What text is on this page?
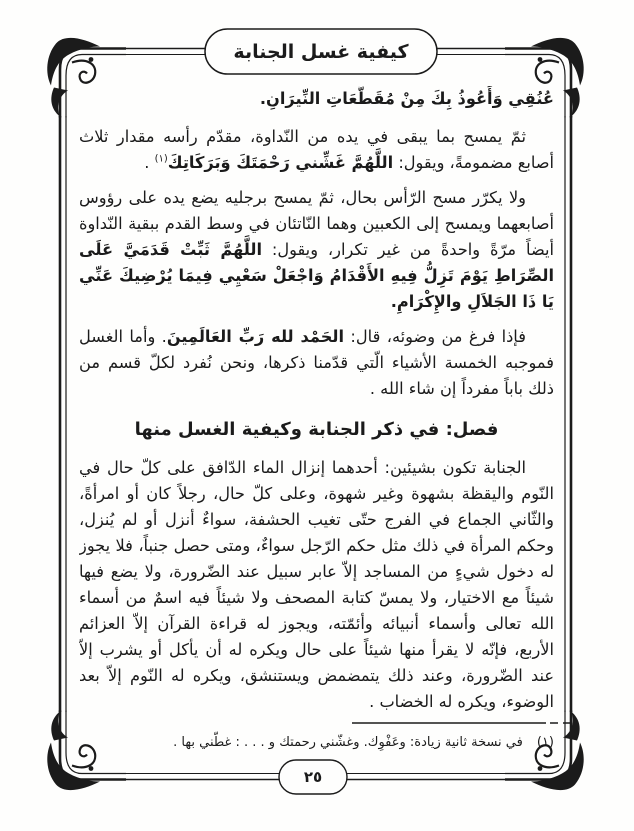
كيفية غسل الجنابة

عُنُقِي وَأَعُوذُ بِكَ مِنْ مُقَطَّعَاتِ النِّيرَانِ.

ثمّ يمسح بما يبقى في يده من النّداوة، مقدّم رأسه مقدار ثلاث أصابع مضمومةً، ويقول: اللَّهُمَّ غَشِّني رَحْمَتَكَ وَبَرَكَاتِكَ$^{(١)}$ .

ولا يكرّر مسح الرّأس بحال، ثمّ يمسح برجليه يضع يده على رؤوس أصابعهما ويمسح إلى الكعبين وهما النّاتئان في وسط القدم ببقية النّداوة أيضاً مرّةً واحدةً من غير تكرار، ويقول: اللَّهُمَّ ثَبِّتْ قَدَمَيَّ عَلَى الصِّرَاطِ يَوْمَ تَزِلُّ فِيهِ الأَقْدَامُ وَاجْعَلْ سَعْيِي فِيمَا يُرْضِيكَ عَنِّي يَا ذَا الجَلاَلِ والإِكْرَامِ.

فإذا فرغ من وضوئه، قال: الحَمْد لله رَبِّ العَالَمِينَ. وأما الغسل فموجبه الخمسة الأشياء الّتي قدّمنا ذكرها، ونحن نُفرد لكلّ قسم من ذلك باباً مفرداً إن شاء الله .

فصل: في ذكر الجنابة وكيفية الغسل منها

الجنابة تكون بشيئين: أحدهما إنزال الماء الدّافق على كلّ حال في النّوم واليقظة بشهوة وغير شهوة، وعلى كلّ حال، رجلاً كان أو امرأةً، والثّاني الجماع في الفرج حتّى تغيب الحشفة، سواءٌ أنزل أو لم يُنزل، وحكم المرأة في ذلك مثل حكم الرّجل سواءٌ، ومتى حصل جنباً، فلا يجوز له دخول شيءٍ من المساجد إلاّ عابر سبيل عند الضّرورة، ولا يضع فيها شيئاً مع الاختيار، ولا يمسّ كتابة المصحف ولا شيئاً فيه اسمٌ من أسماء الله تعالى وأسماء أنبيائه وأئمّته، ويجوز له قراءة القرآن إلاّ العزائم الأربع، فإنّه لا يقرأ منها شيئاً على حال ويكره له أن يأكل أو يشرب إلاّ عند الضّرورة، وعند ذلك يتمضمض ويستنشق، ويكره له النّوم إلاّ بعد الوضوء، ويكره له الخضاب .

(١)
في نسخة ثانية زيادة: وعَفْوِك. وغشّني رحمتك و . . . : غطّني بها .
٢٥
